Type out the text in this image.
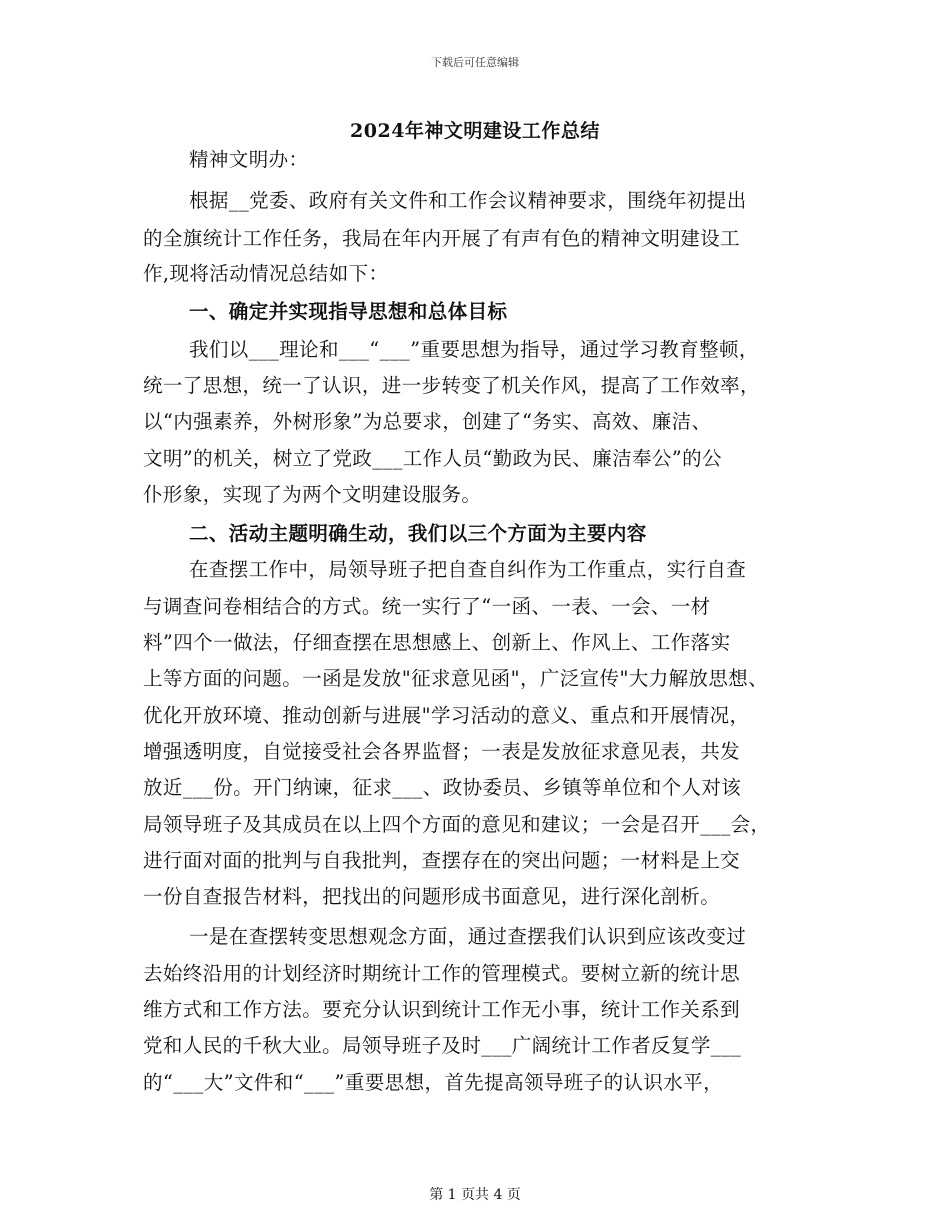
下载后可任意编辑
2024年神文明建设工作总结
精神文明办：
根据__党委、政府有关文件和工作会议精神要求，围绕年初提出
的全旗统计工作任务，我局在年内开展了有声有色的精神文明建设工
作,现将活动情况总结如下：
一、确定并实现指导思想和总体目标
我们以___理论和___“___”重要思想为指导，通过学习教育整顿，
统一了思想，统一了认识，进一步转变了机关作风，提高了工作效率，
以“内强素养，外树形象”为总要求，创建了“务实、高效、廉洁、
文明”的机关，树立了党政___工作人员“勤政为民、廉洁奉公”的公
仆形象，实现了为两个文明建设服务。
二、活动主题明确生动，我们以三个方面为主要内容
在查摆工作中，局领导班子把自查自纠作为工作重点，实行自查
与调查问卷相结合的方式。统一实行了“一函、一表、一会、一材
料”四个一做法，仔细查摆在思想感上、创新上、作风上、工作落实
上等方面的问题。一函是发放"征求意见函"，广泛宣传"大力解放思想、
优化开放环境、推动创新与进展"学习活动的意义、重点和开展情况，
增强透明度，自觉接受社会各界监督；一表是发放征求意见表，共发
放近___份。开门纳谏，征求___、政协委员、乡镇等单位和个人对该
局领导班子及其成员在以上四个方面的意见和建议；一会是召开___会，
进行面对面的批判与自我批判，查摆存在的突出问题；一材料是上交
一份自查报告材料，把找出的问题形成书面意见，进行深化剖析。
一是在查摆转变思想观念方面，通过查摆我们认识到应该改变过
去始终沿用的计划经济时期统计工作的管理模式。要树立新的统计思
维方式和工作方法。要充分认识到统计工作无小事，统计工作关系到
党和人民的千秋大业。局领导班子及时___广阔统计工作者反复学___
的“___大”文件和“___”重要思想，首先提高领导班子的认识水平，
第 1 页共 4 页
